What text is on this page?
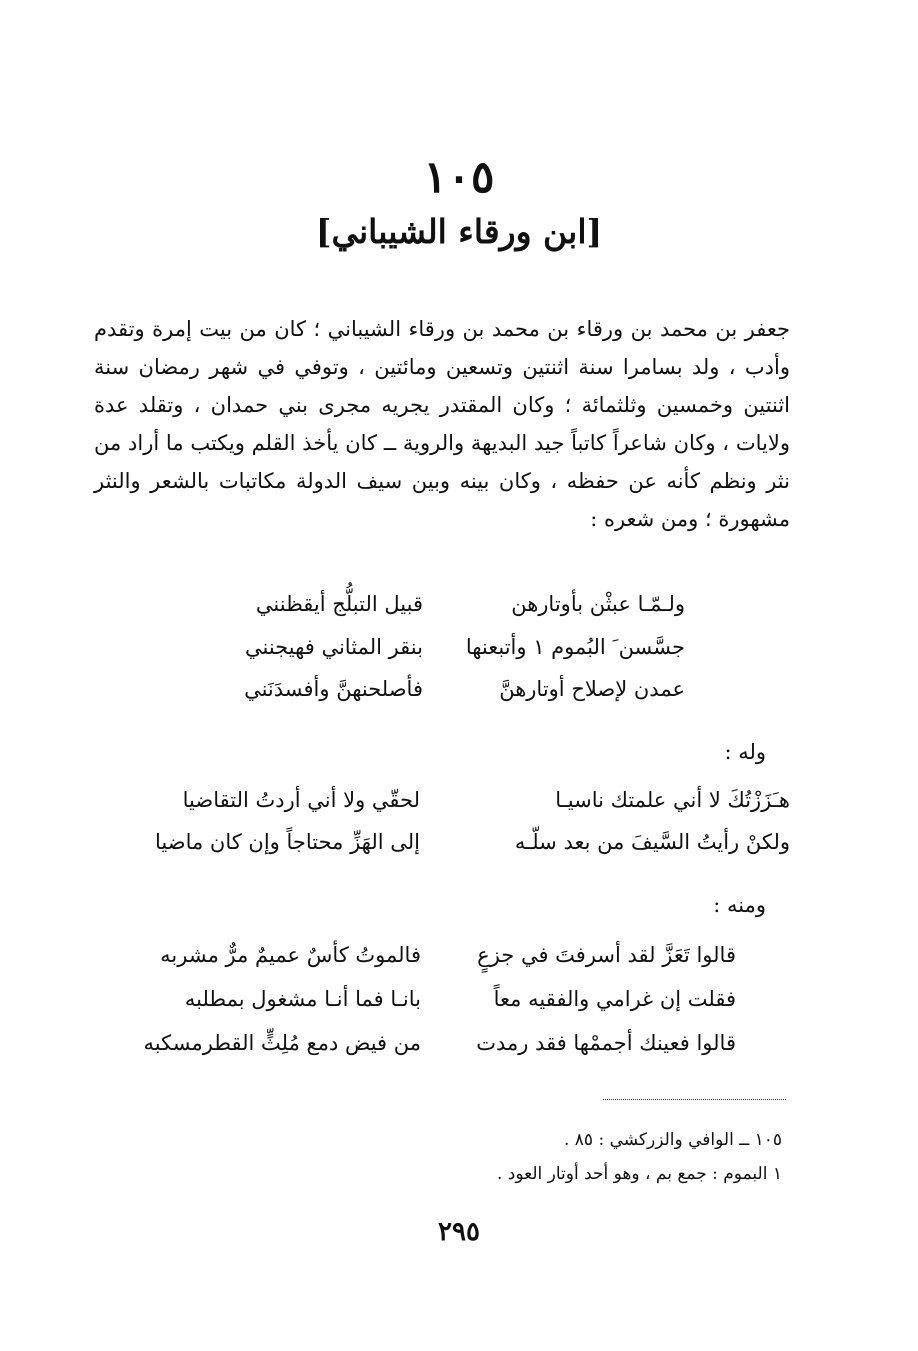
١٠٥
[ابن ورقاء الشيباني]
جعفر بن محمد بن ورقاء بن محمد بن ورقاء الشيباني ؛ كان من بيت إمرة وتقدم وأدب ، ولد بسامرا سنة اثنتين وتسعين ومائتين ، وتوفي في شهر رمضان سنة اثنتين وخمسين وثلثمائة ؛ وكان المقتدر يجريه مجرى بني حمدان ، وتقلد عدة ولايات ، وكان شاعراً كاتباً جيد البديهة والروية ــ كان يأخذ القلم ويكتب ما أراد من نثر ونظم كأنه عن حفظه ، وكان بينه وبين سيف الدولة مكاتبات بالشعر والنثر مشهورة ؛ ومن شعره :
ولـمّـا عبثْن بأوتارهن
قبيل التبلُّج أيقظنني
جسَّسن َ البُموم ١ وأتبعنها
بنقر المثاني فهيجنني
عمدن لإصلاح أوتارهنَّ
فأصلحنهنَّ وأفسدَنَني
وله :
هـَزَزْتُكَ لا أني علمتك ناسيـا
لحقّي ولا أني أردتُ التقاضيا
ولكنْ رأيتُ السَّيفَ من بعد سلّـه
إلى الهَزِّ محتاجاً وإن كان ماضيا
ومنه :
قالوا تَعَزَّ لقد أسرفتَ في جزعٍ
فالموتُ كأسٌ عميمٌ مرٌّ مشربه
فقلت إن غرامي والفقيه معاً
بانـا فما أنـا مشغول بمطلبه
قالوا فعينك أجممْها فقد رمدت
من فيض دمع مُلِثٍّ القطرمسكبه
١٠٥ ــ الوافي والزركشي : ٨٥ .
١ البموم : جمع بم ، وهو أحد أوتار العود .
٢٩٥
